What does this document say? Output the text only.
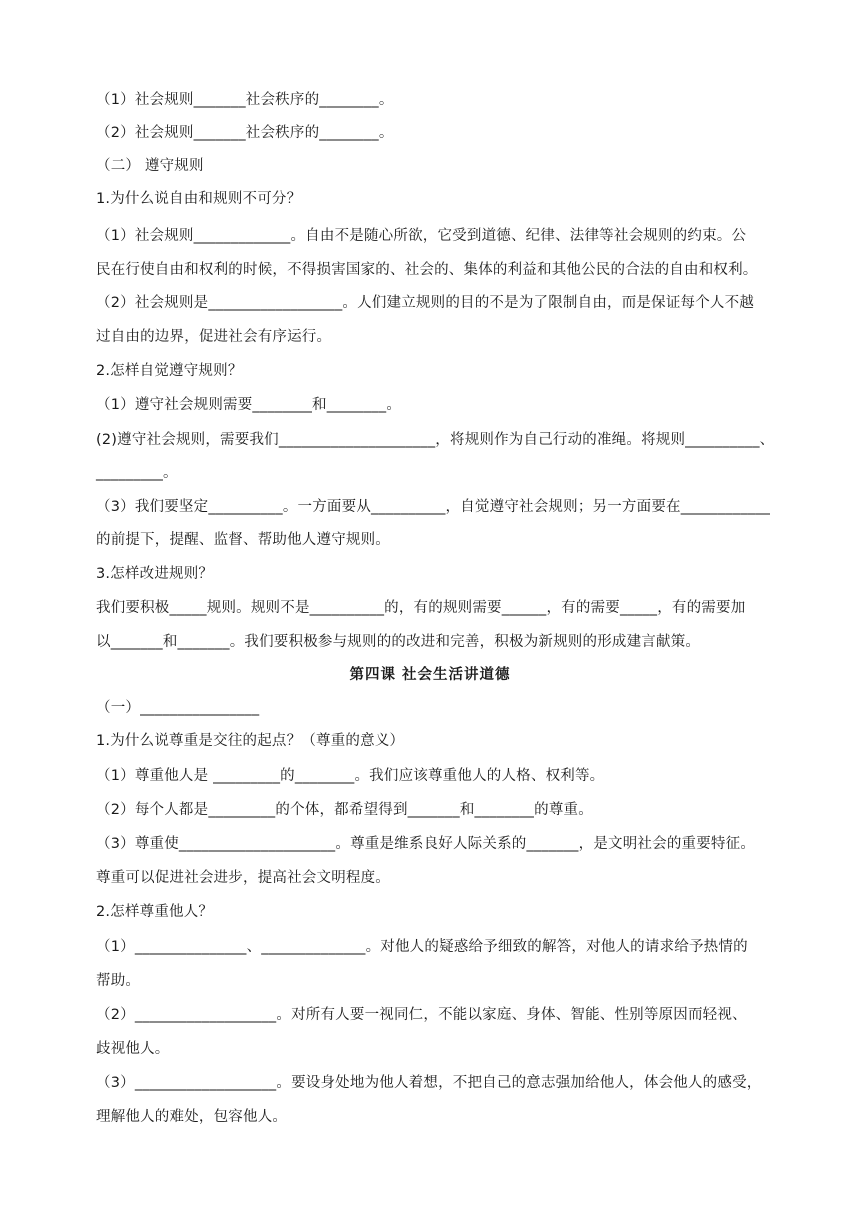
（1）社会规则_______社会秩序的________。
（2）社会规则_______社会秩序的________。
（二） 遵守规则
1.为什么说自由和规则不可分？
（1）社会规则_____________。自由不是随心所欲，它受到道德、纪律、法律等社会规则的约束。公
民在行使自由和权利的时候，不得损害国家的、社会的、集体的利益和其他公民的合法的自由和权利。
（2）社会规则是__________________。人们建立规则的目的不是为了限制自由，而是保证每个人不越
过自由的边界，促进社会有序运行。
2.怎样自觉遵守规则？
（1）遵守社会规则需要________和________。
(2)遵守社会规则，需要我们_____________________，将规则作为自己行动的准绳。将规则__________、
_________。
（3）我们要坚定__________。一方面要从__________，自觉遵守社会规则；另一方面要在____________
的前提下，提醒、监督、帮助他人遵守规则。
3.怎样改进规则？
我们要积极_____规则。规则不是__________的，有的规则需要______，有的需要_____，有的需要加
以_______和_______。我们要积极参与规则的的改进和完善，积极为新规则的形成建言献策。
第四课 社会生活讲道德
（一）________________
1.为什么说尊重是交往的起点？（尊重的意义）
（1）尊重他人是 _________的________。我们应该尊重他人的人格、权利等。
（2）每个人都是_________的个体，都希望得到_______和________的尊重。
（3）尊重使_____________________。尊重是维系良好人际关系的_______，是文明社会的重要特征。
尊重可以促进社会进步，提高社会文明程度。
2.怎样尊重他人？
（1）_______________、______________。对他人的疑惑给予细致的解答，对他人的请求给予热情的
帮助。
（2）___________________。对所有人要一视同仁，不能以家庭、身体、智能、性别等原因而轻视、
歧视他人。
（3）___________________。要设身处地为他人着想，不把自己的意志强加给他人，体会他人的感受，
理解他人的难处，包容他人。
